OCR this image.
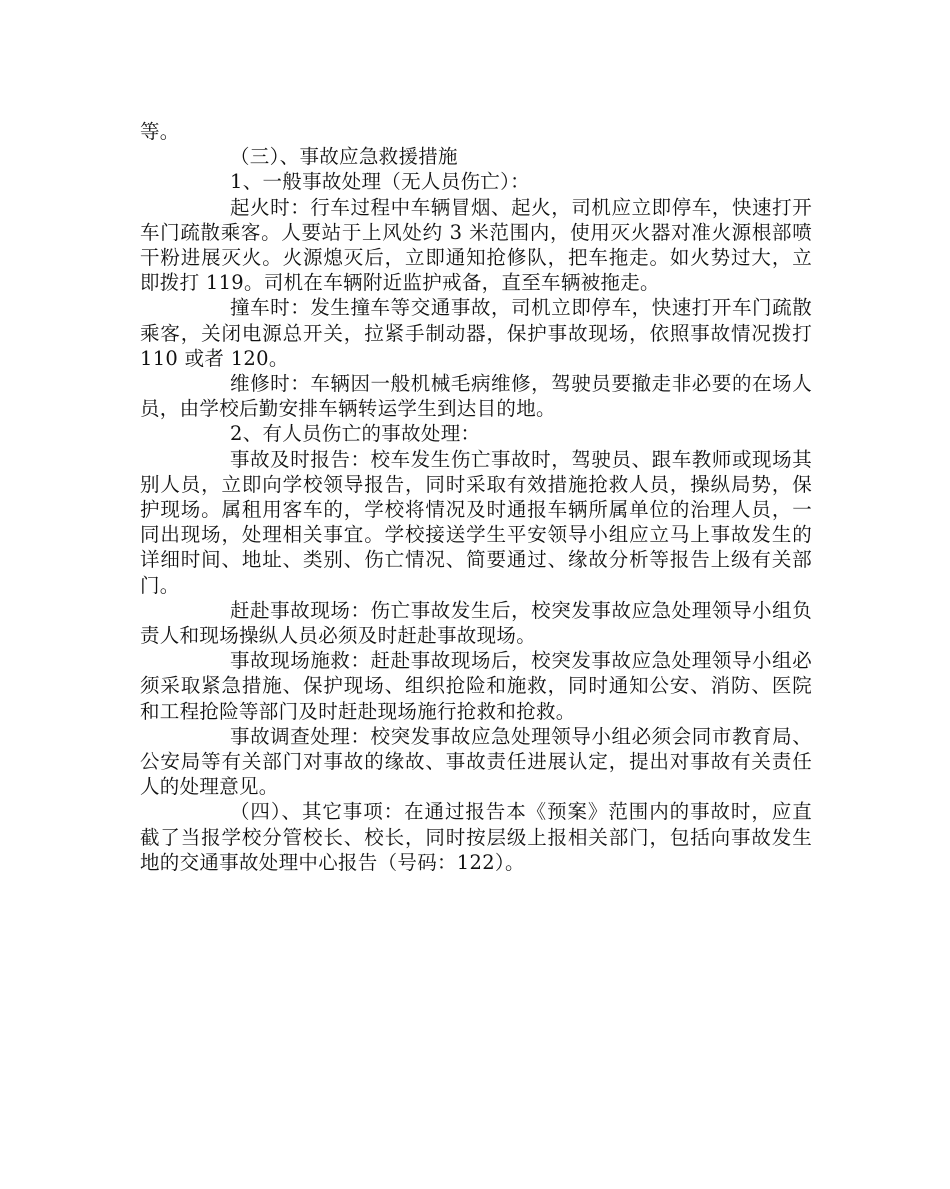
等。

（三）、事故应急救援措施

1、一般事故处理（无人员伤亡）：

起火时：行车过程中车辆冒烟、起火，司机应立即停车，快速打开车门疏散乘客。人要站于上风处约 3 米范围内，使用灭火器对准火源根部喷干粉进展灭火。火源熄灭后，立即通知抢修队，把车拖走。如火势过大，立即拨打 119。司机在车辆附近监护戒备，直至车辆被拖走。

撞车时：发生撞车等交通事故，司机立即停车，快速打开车门疏散乘客，关闭电源总开关，拉紧手制动器，保护事故现场，依照事故情况拨打 110 或者 120。

维修时：车辆因一般机械毛病维修，驾驶员要撤走非必要的在场人员，由学校后勤安排车辆转运学生到达目的地。

2、有人员伤亡的事故处理：

事故及时报告：校车发生伤亡事故时，驾驶员、跟车教师或现场其别人员，立即向学校领导报告，同时采取有效措施抢救人员，操纵局势，保护现场。属租用客车的，学校将情况及时通报车辆所属单位的治理人员，一同出现场，处理相关事宜。学校接送学生平安领导小组应立马上事故发生的详细时间、地址、类别、伤亡情况、简要通过、缘故分析等报告上级有关部门。

赶赴事故现场：伤亡事故发生后，校突发事故应急处理领导小组负责人和现场操纵人员必须及时赶赴事故现场。

事故现场施救：赶赴事故现场后，校突发事故应急处理领导小组必须采取紧急措施、保护现场、组织抢险和施救，同时通知公安、消防、医院和工程抢险等部门及时赶赴现场施行抢救和抢救。

事故调查处理：校突发事故应急处理领导小组必须会同市教育局、公安局等有关部门对事故的缘故、事故责任进展认定，提出对事故有关责任人的处理意见。

（四）、其它事项：在通过报告本《预案》范围内的事故时，应直截了当报学校分管校长、校长，同时按层级上报相关部门，包括向事故发生地的交通事故处理中心报告（号码：122）。
